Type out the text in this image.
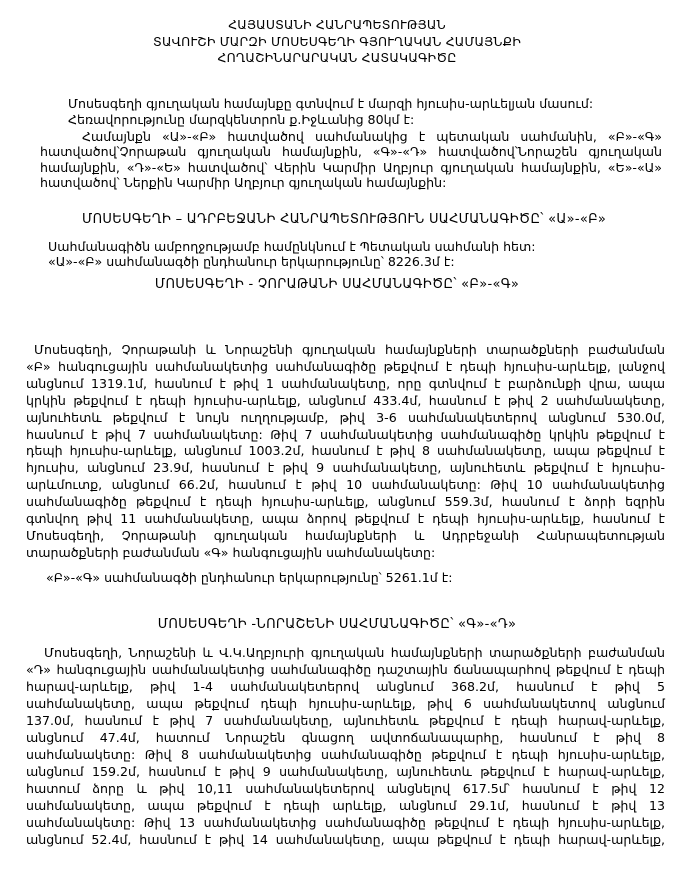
ՀԱՅԱՍՏԱՆԻ ՀԱՆՐԱՊԵՏՈՒԹՅԱՆ
ՏԱՎՈՒՇԻ ՄԱՐԶԻ ՄՈՍԵՍԳԵՂԻ ԳՅՈՒՂԱԿԱՆ ՀԱՄԱՅՆՔԻ
ՀՈՂԱՇԻՆԱՐԱՐԱԿԱՆ ՀԱՏԱԿԱԳԻԾԸ
Մոսեսգեղի գյուղական համայնքը գտնվում է մարզի հյուսիս-արևելյան մասում:
Հեռավորությունը մարզկենտրոն ք.Իջևանից 80կմ է:
Համայնքն «Ա»-«Բ» հատվածով սահմանակից է պետական սահմանին, «Բ»-«Գ»
հատվածով՝Չորաթան գյուղական համայնքին, «Գ»-«Դ» հատվածով՝Նորաշեն գյուղական
համայնքին, «Դ»-«Ե» հատվածով՝ Վերին Կարմիր Աղբյուր գյուղական համայնքին, «Ե»-«Ա»
հատվածով՝ Ներքին Կարմիր Աղբյուր գյուղական համայնքին:
ՄՈՍԵՍԳԵՂԻ – ԱԴՐԲԵՋԱՆԻ ՀԱՆՐԱՊԵՏՈՒԹՅՈՒՆ ՍԱՀՄԱՆԱԳԻԾԸ՝ «Ա»-«Բ»
Սահմանագիծն ամբողջությամբ համընկնում է Պետական սահմանի հետ:
«Ա»-«Բ» սահմանագծի ընդհանուր երկարությունը՝ 8226.3մ է:
ՄՈՍԵՍԳԵՂԻ - ՉՈՐԱԹԱՆԻ ՍԱՀՄԱՆԱԳԻԾԸ՝ «Բ»-«Գ»
Մոսեսգեղի, Չորաթանի և Նորաշենի գյուղական համայնքների տարածքների բաժանման
«Բ» հանգուցային սահմանակետից սահմանագիծը թեքվում է դեպի հյուսիս-արևելք, լանջով
անցնում 1319.1մ, հասնում է թիվ 1 սահմանակետը, որը գտնվում է բարձունքի վրա, ապա
կրկին թեքվում է դեպի հյուսիս-արևելք, անցնում 433.4մ, հասնում է թիվ 2 սահմանակետը,
այնուհետև թեքվում է նույն ուղղությամբ, թիվ 3-6 սահմանակետերով անցնում 530.0մ,
հասնում է թիվ 7 սահմանակետը: Թիվ 7 սահմանակետից սահմանագիծը կրկին թեքվում է
դեպի հյուսիս-արևելք, անցնում 1003.2մ, հասնում է թիվ 8 սահմանակետը, ապա թեքվում է
հյուսիս, անցնում 23.9մ, հասնում է թիվ 9 սահմանակետը, այնուհետև թեքվում է հյուսիս-
արևմուտք, անցնում 66.2մ, հասնում է թիվ 10 սահմանակետը: Թիվ 10 սահմանակետից
սահմանագիծը թեքվում է դեպի հյուսիս-արևելք, անցնում 559.3մ, հասնում է ձորի եզրին
գտնվող թիվ 11 սահմանակետը, ապա ձորով թեքվում է դեպի հյուսիս-արևելք, հասնում է
Մոսեսգեղի, Չորաթանի գյուղական համայնքների և Ադրբեջանի Հանրապետության
տարածքների բաժանման «Գ» հանգուցային սահմանակետը:
«Բ»-«Գ» սահմանագծի ընդհանուր երկարությունը՝ 5261.1մ է:
ՄՈՍԵՍԳԵՂԻ -ՆՈՐԱՇԵՆԻ ՍԱՀՄԱՆԱԳԻԾԸ՝ «Գ»-«Դ»
Մոսեսգեղի, Նորաշենի և Վ.Կ.Աղբյուրի գյուղական համայնքների տարածքների բաժանման
«Դ» հանգուցային սահմանակետից սահմանագիծը դաշտային ճանապարհով թեքվում է դեպի
հարավ-արևելք, թիվ 1-4 սահմանակետերով անցնում 368.2մ, հասնում է թիվ 5
սահմանակետը, ապա թեքվում դեպի հյուսիս-արևելք, թիվ 6 սահմանակետով անցնում
137.0մ, հասնում է թիվ 7 սահմանակետը, այնուհետև թեքվում է դեպի հարավ-արևելք,
անցնում 47.4մ, հատում Նորաշեն գնացող ավտոճանապարհը, հասնում է թիվ 8
սահմանակետը: Թիվ 8 սահմանակետից սահմանագիծը թեքվում է դեպի հյուսիս-արևելք,
անցնում 159.2մ, հասնում է թիվ 9 սահմանակետը, այնուհետև թեքվում է հարավ-արևելք,
հատում ձորը և թիվ 10,11 սահմանակետերով անցնելով 617.5մ՝ հասնում է թիվ 12
սահմանակետը, ապա թեքվում է դեպի արևելք, անցնում 29.1մ, հասնում է թիվ 13
սահմանակետը: Թիվ 13 սահմանակետից սահմանագիծը թեքվում է դեպի հյուսիս-արևելք,
անցնում 52.4մ, հասնում է թիվ 14 սահմանակետը, ապա թեքվում է դեպի հարավ-արևելք,
